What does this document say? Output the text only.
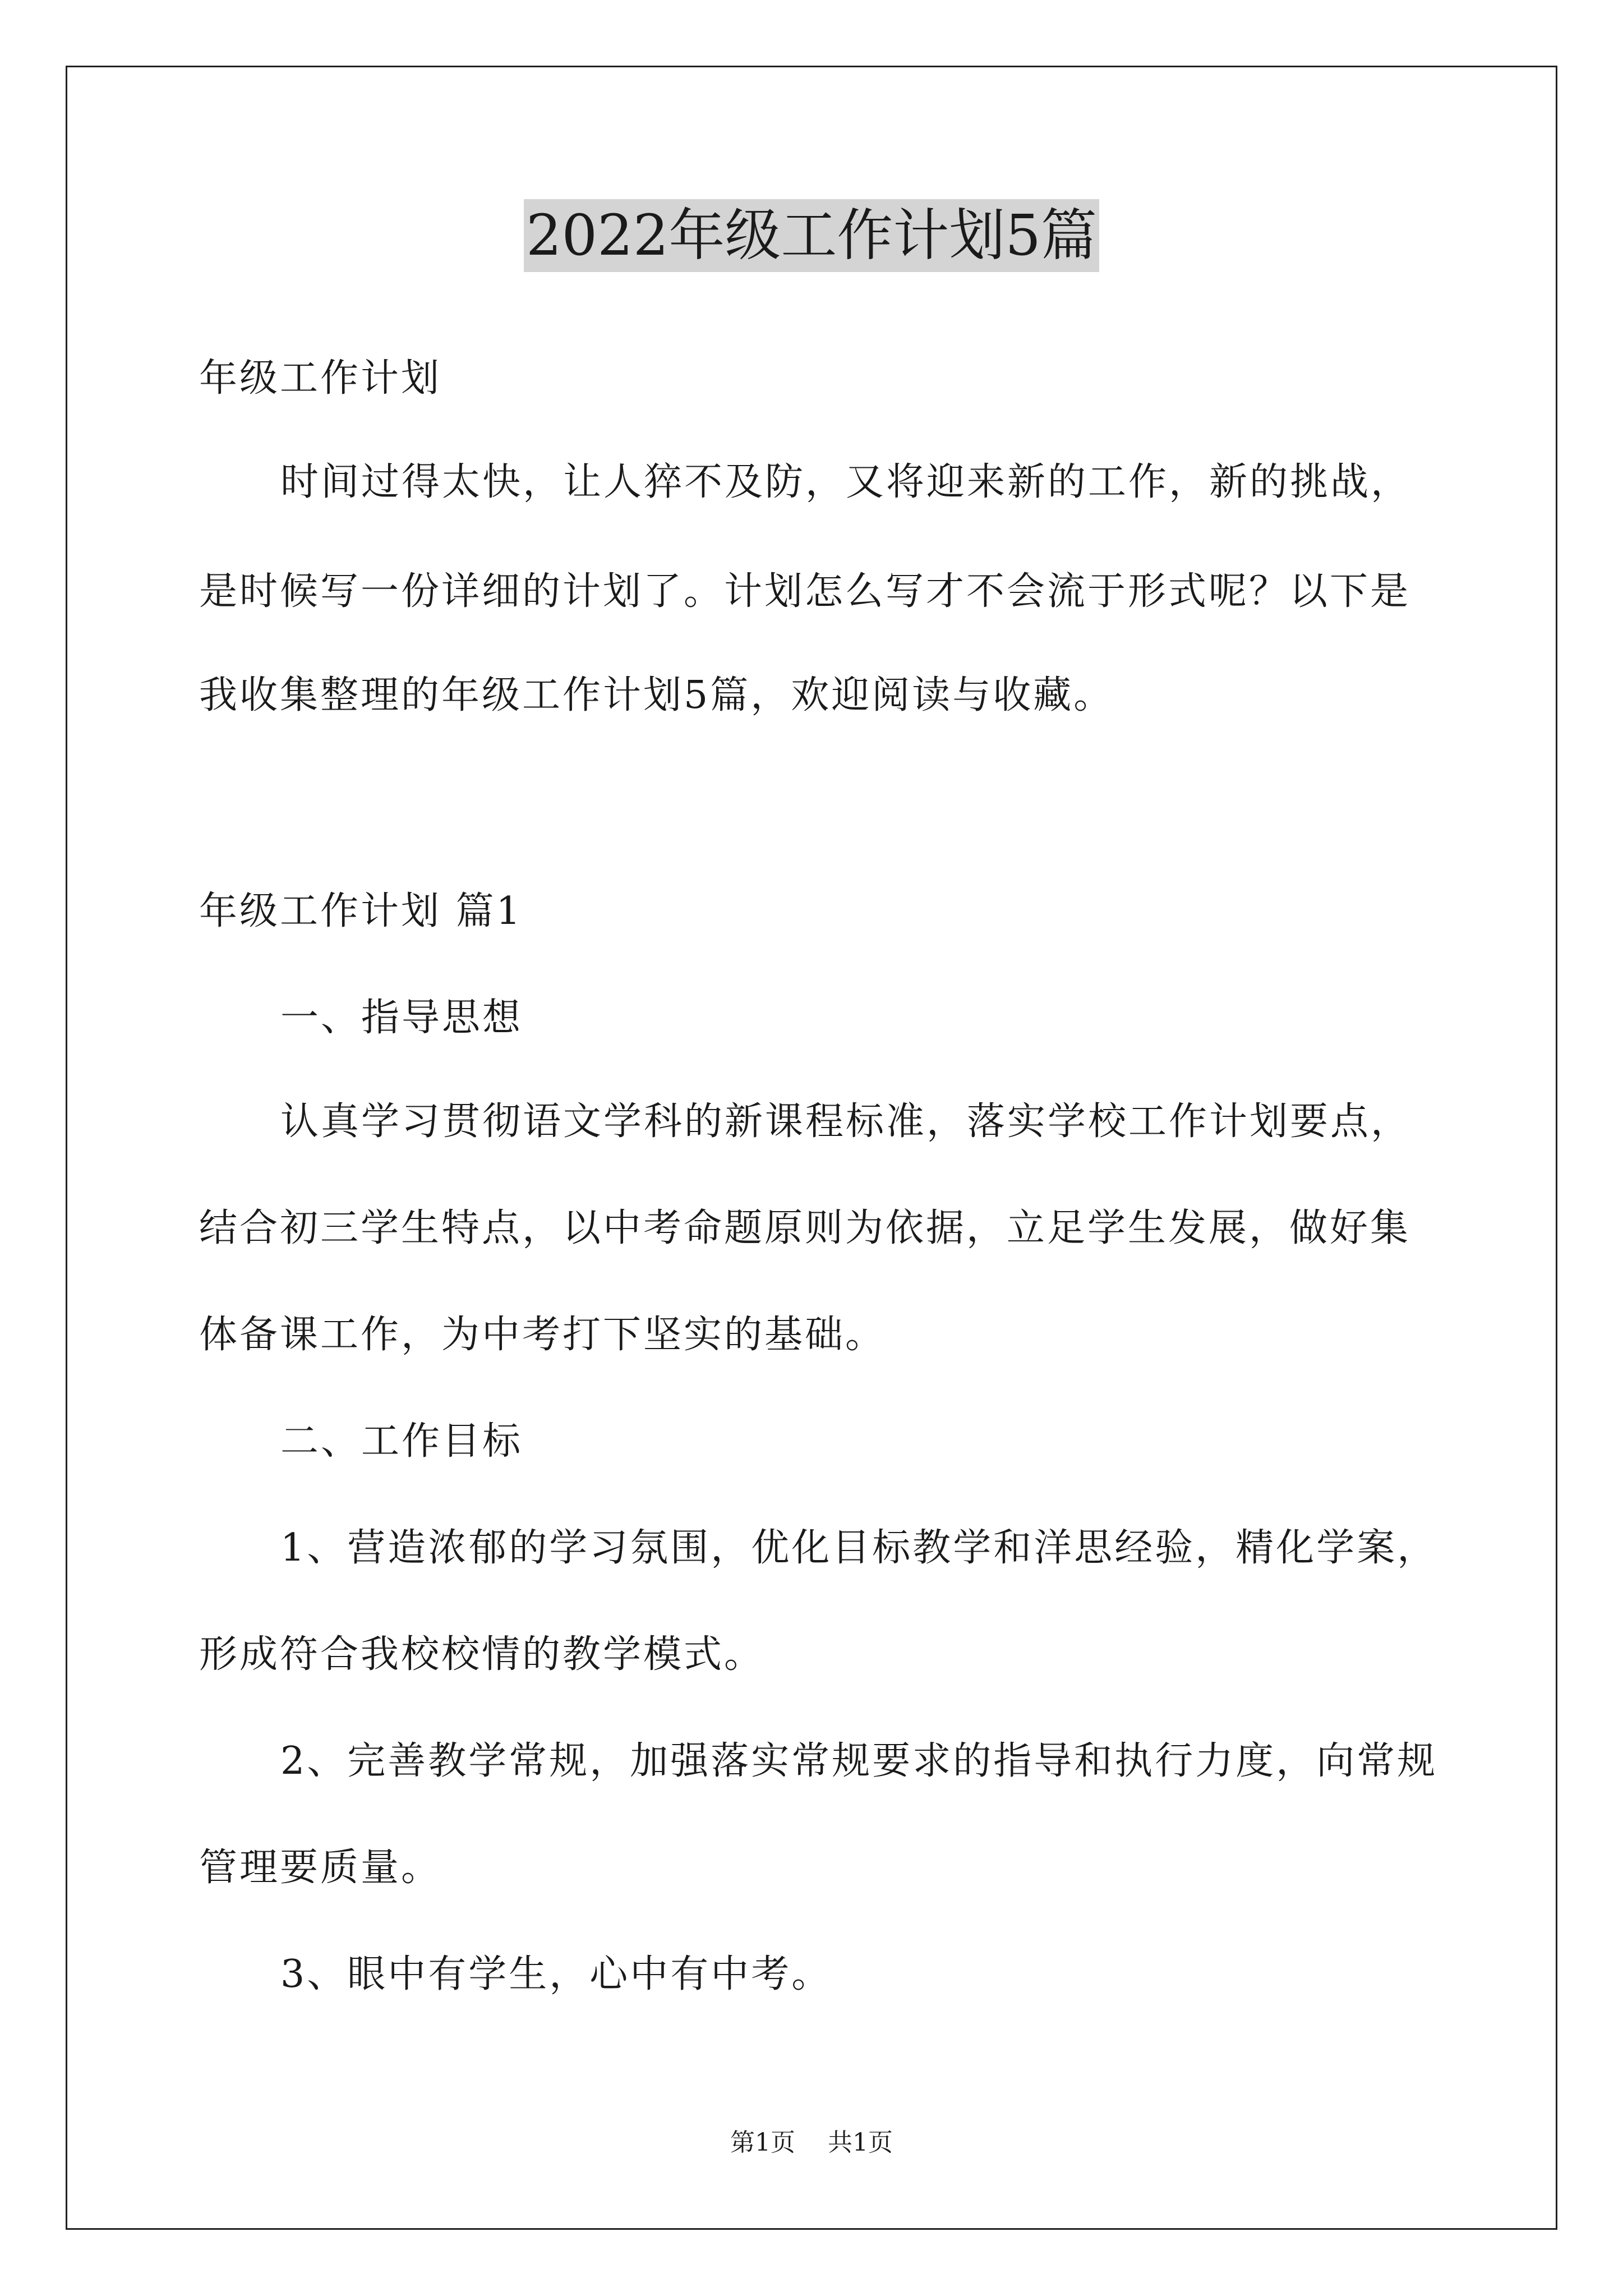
2022年级工作计划5篇
年级工作计划
时间过得太快，让人猝不及防，又将迎来新的工作，新的挑战，
是时候写一份详细的计划了。计划怎么写才不会流于形式呢？以下是
我收集整理的年级工作计划5篇，欢迎阅读与收藏。
年级工作计划 篇1
一、指导思想
认真学习贯彻语文学科的新课程标准，落实学校工作计划要点，
结合初三学生特点，以中考命题原则为依据，立足学生发展，做好集
体备课工作，为中考打下坚实的基础。
二、工作目标
1、营造浓郁的学习氛围，优化目标教学和洋思经验，精化学案，
形成符合我校校情的教学模式。
2、完善教学常规，加强落实常规要求的指导和执行力度，向常规
管理要质量。
3、眼中有学生，心中有中考。
第1页 共1页
